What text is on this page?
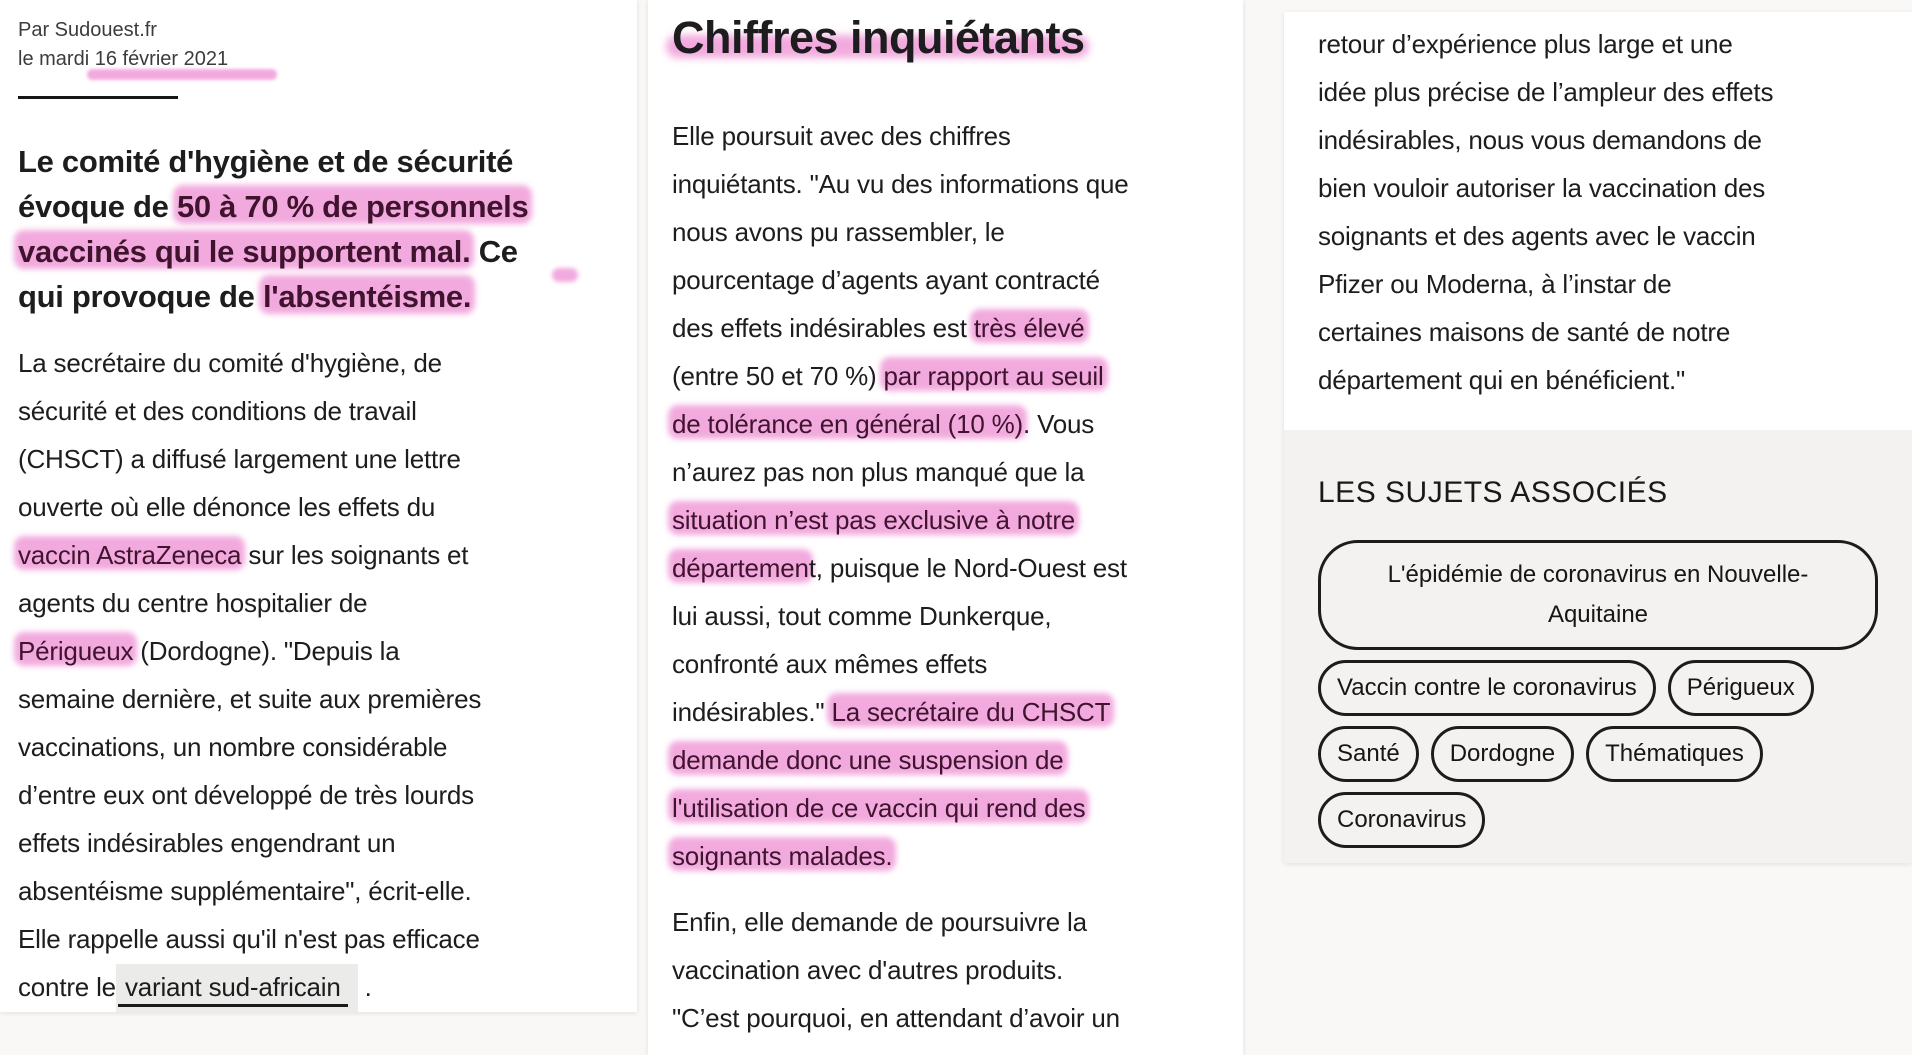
Par Sudouest.fr
le mardi 16 février 2021
Le comité d'hygiène et de sécurité
évoque de 50 à 70 % de personnels
vaccinés qui le supportent mal. Ce
qui provoque de l'absentéisme.
La secrétaire du comité d'hygiène, de
sécurité et des conditions de travail
(CHSCT) a diffusé largement une lettre
ouverte où elle dénonce les effets du
vaccin AstraZeneca sur les soignants et
agents du centre hospitalier de
Périgueux (Dordogne). "Depuis la
semaine dernière, et suite aux premières
vaccinations, un nombre considérable
d’entre eux ont développé de très lourds
effets indésirables engendrant un
absentéisme supplémentaire", écrit-elle.
Elle rappelle aussi qu'il n'est pas efficace
contre le variant sud-africain  .
Chiffres inquiétants
Elle poursuit avec des chiffres
inquiétants. "Au vu des informations que
nous avons pu rassembler, le
pourcentage d’agents ayant contracté
des effets indésirables est très élevé
(entre 50 et 70 %) par rapport au seuil
de tolérance en général (10 %). Vous
n’aurez pas non plus manqué que la
situation n’est pas exclusive à notre
département, puisque le Nord-Ouest est
lui aussi, tout comme Dunkerque,
confronté aux mêmes effets
indésirables." La secrétaire du CHSCT
demande donc une suspension de
l'utilisation de ce vaccin qui rend des
soignants malades.
Enfin, elle demande de poursuivre la
vaccination avec d'autres produits.
"C’est pourquoi, en attendant d’avoir un
retour d’expérience plus large et une
idée plus précise de l’ampleur des effets
indésirables, nous vous demandons de
bien vouloir autoriser la vaccination des
soignants et des agents avec le vaccin
Pfizer ou Moderna, à l’instar de
certaines maisons de santé de notre
département qui en bénéficient."
LES SUJETS ASSOCIÉS
L'épidémie de coronavirus en Nouvelle-Aquitaine
Vaccin contre le coronavirus	Périgueux
Santé	Dordogne	Thématiques
Coronavirus
